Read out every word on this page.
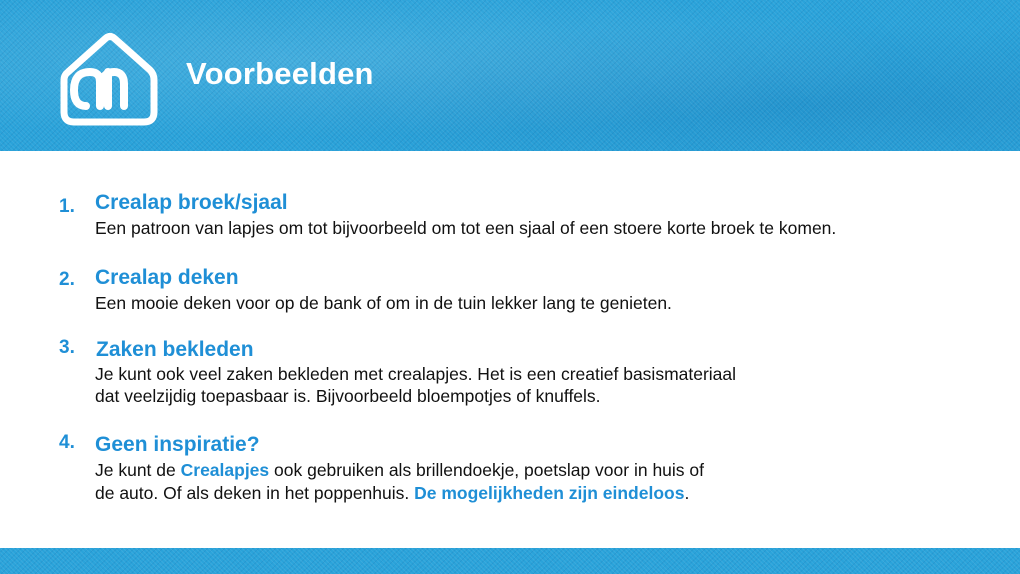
Voorbeelden
1. Crealap broek/sjaal
Een patroon van lapjes om tot bijvoorbeeld om tot een sjaal of een stoere korte broek te komen.
2. Crealap deken
Een mooie deken voor op de bank of om in de tuin lekker lang te genieten.
3. Zaken bekleden
Je kunt ook veel zaken bekleden met crealapjes. Het is een creatief basismateriaal
dat veelzijdig toepasbaar is. Bijvoorbeeld bloempotjes of knuffels.
4. Geen inspiratie?
Je kunt de Crealapjes ook gebruiken als brillendoekje, poetslap voor in huis of
de auto. Of als deken in het poppenhuis. De mogelijkheden zijn eindeloos.
